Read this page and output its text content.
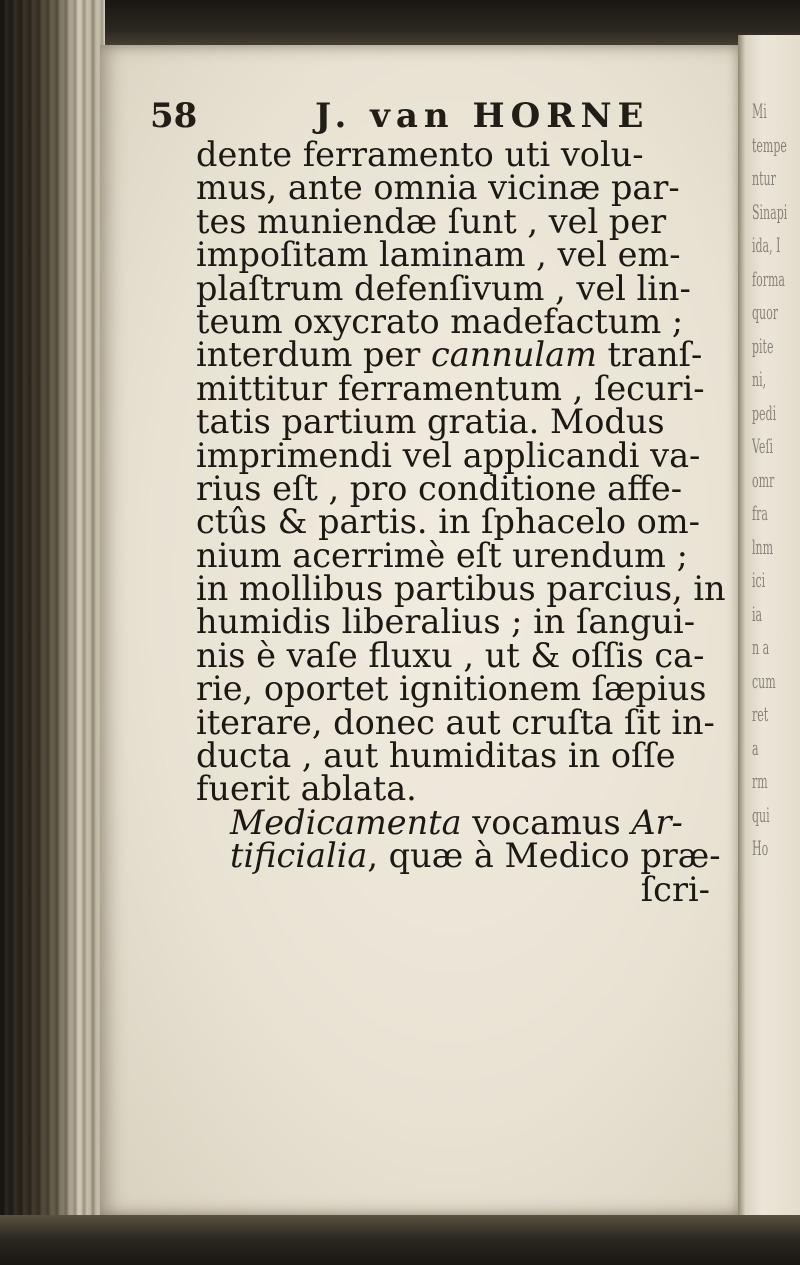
Mi
tempe
ntur
Sinapi
ida, I
forma
quor
pite
ni,
pedi
Veſi
omr
fra
lnm
ici
ia
n a
cum
ret
a
rm
qui
Ho
58	J. van HORNE
dente ferramento uti volu-
mus, ante omnia vicinæ par-
tes muniendæ ſunt , vel per
impoſitam laminam , vel em-
plaſtrum defenſivum , vel lin-
teum oxycrato madefactum ;
interdum per
cannulam
tranſ-
mittitur ferramentum , ſecuri-
tatis partium gratia. Modus
imprimendi vel applicandi va-
rius eſt , pro conditione affe-
ctûs & partis. in ſphacelo om-
nium acerrimè eſt urendum ;
in mollibus partibus parcius, in
humidis liberalius ; in ſangui-
nis è vaſe fluxu , ut & oſſis ca-
rie, oportet ignitionem ſæpius
iterare, donec aut cruſta ſit in-
ducta , aut humiditas in oſſe
fuerit ablata.
Medicamenta
vocamus
Ar-
tificialia , quæ à Medico præ-
ſcri-
